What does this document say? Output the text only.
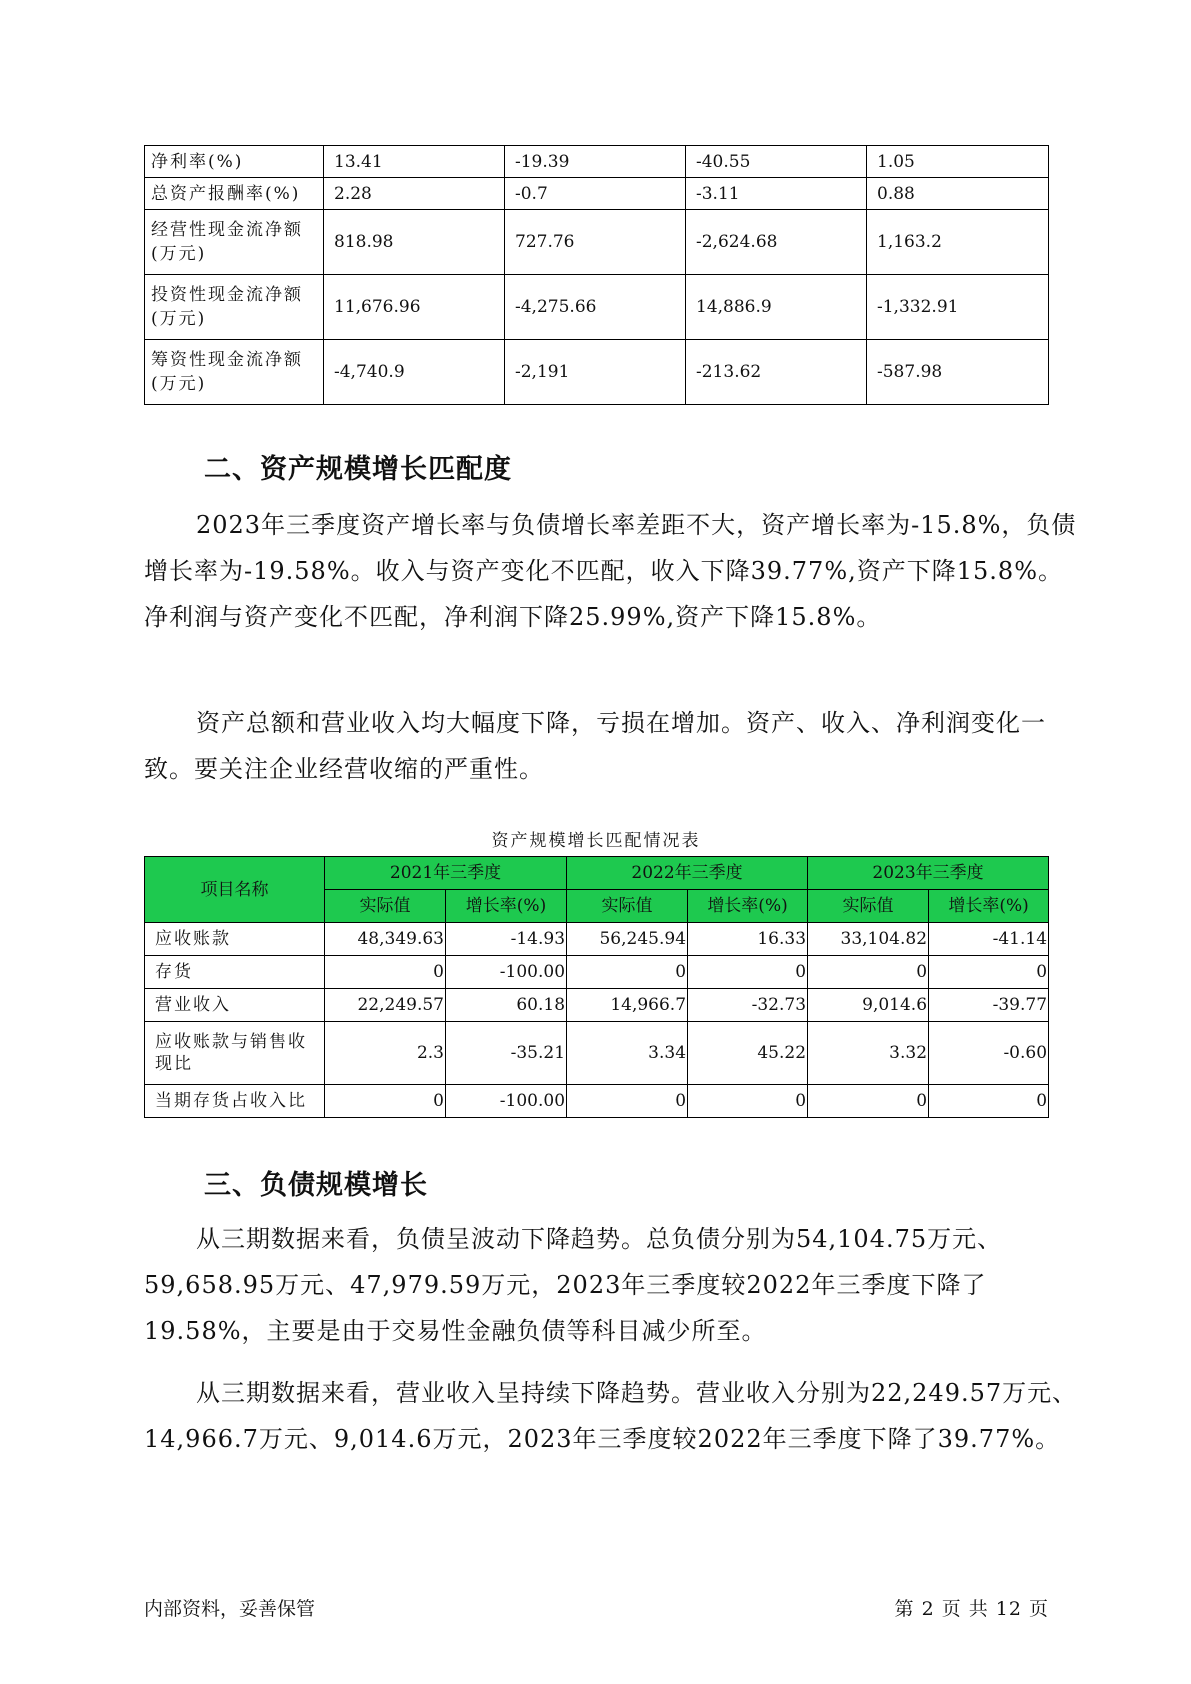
净利率(%)	13.41	-19.39	-40.55	1.05
总资产报酬率(%)	2.28	-0.7	-3.11	0.88
经营性现金流净额(万元)	818.98	727.76	-2,624.68	1,163.2
投资性现金流净额(万元)	11,676.96	-4,275.66	14,886.9	-1,332.91
筹资性现金流净额(万元)	-4,740.9	-2,191	-213.62	-587.98
二、资产规模增长匹配度

2023年三季度资产增长率与负债增长率差距不大，资产增长率为-15.8%，负债增长率为-19.58%。收入与资产变化不匹配，收入下降39.77%,资产下降15.8%。净利润与资产变化不匹配，净利润下降25.99%,资产下降15.8%。

资产总额和营业收入均大幅度下降，亏损在增加。资产、收入、净利润变化一致。要关注企业经营收缩的严重性。

资产规模增长匹配情况表
项目名称	2021年三季度		2022年三季度		2023年三季度	
	实际值	增长率(%)	实际值	增长率(%)	实际值	增长率(%)
应收账款	48,349.63	-14.93	56,245.94	16.33	33,104.82	-41.14
存货	0	-100.00	0	0	0	0
营业收入	22,249.57	60.18	14,966.7	-32.73	9,014.6	-39.77
应收账款与销售收现比	2.3	-35.21	3.34	45.22	3.32	-0.60
当期存货占收入比	0	-100.00	0	0	0	0
三、负债规模增长

从三期数据来看，负债呈波动下降趋势。总负债分别为54,104.75万元、59,658.95万元、47,979.59万元，2023年三季度较2022年三季度下降了19.58%，主要是由于交易性金融负债等科目减少所至。

从三期数据来看，营业收入呈持续下降趋势。营业收入分别为22,249.57万元、14,966.7万元、9,014.6万元，2023年三季度较2022年三季度下降了39.77%。

内部资料，妥善保管	第 2 页 共 12 页
